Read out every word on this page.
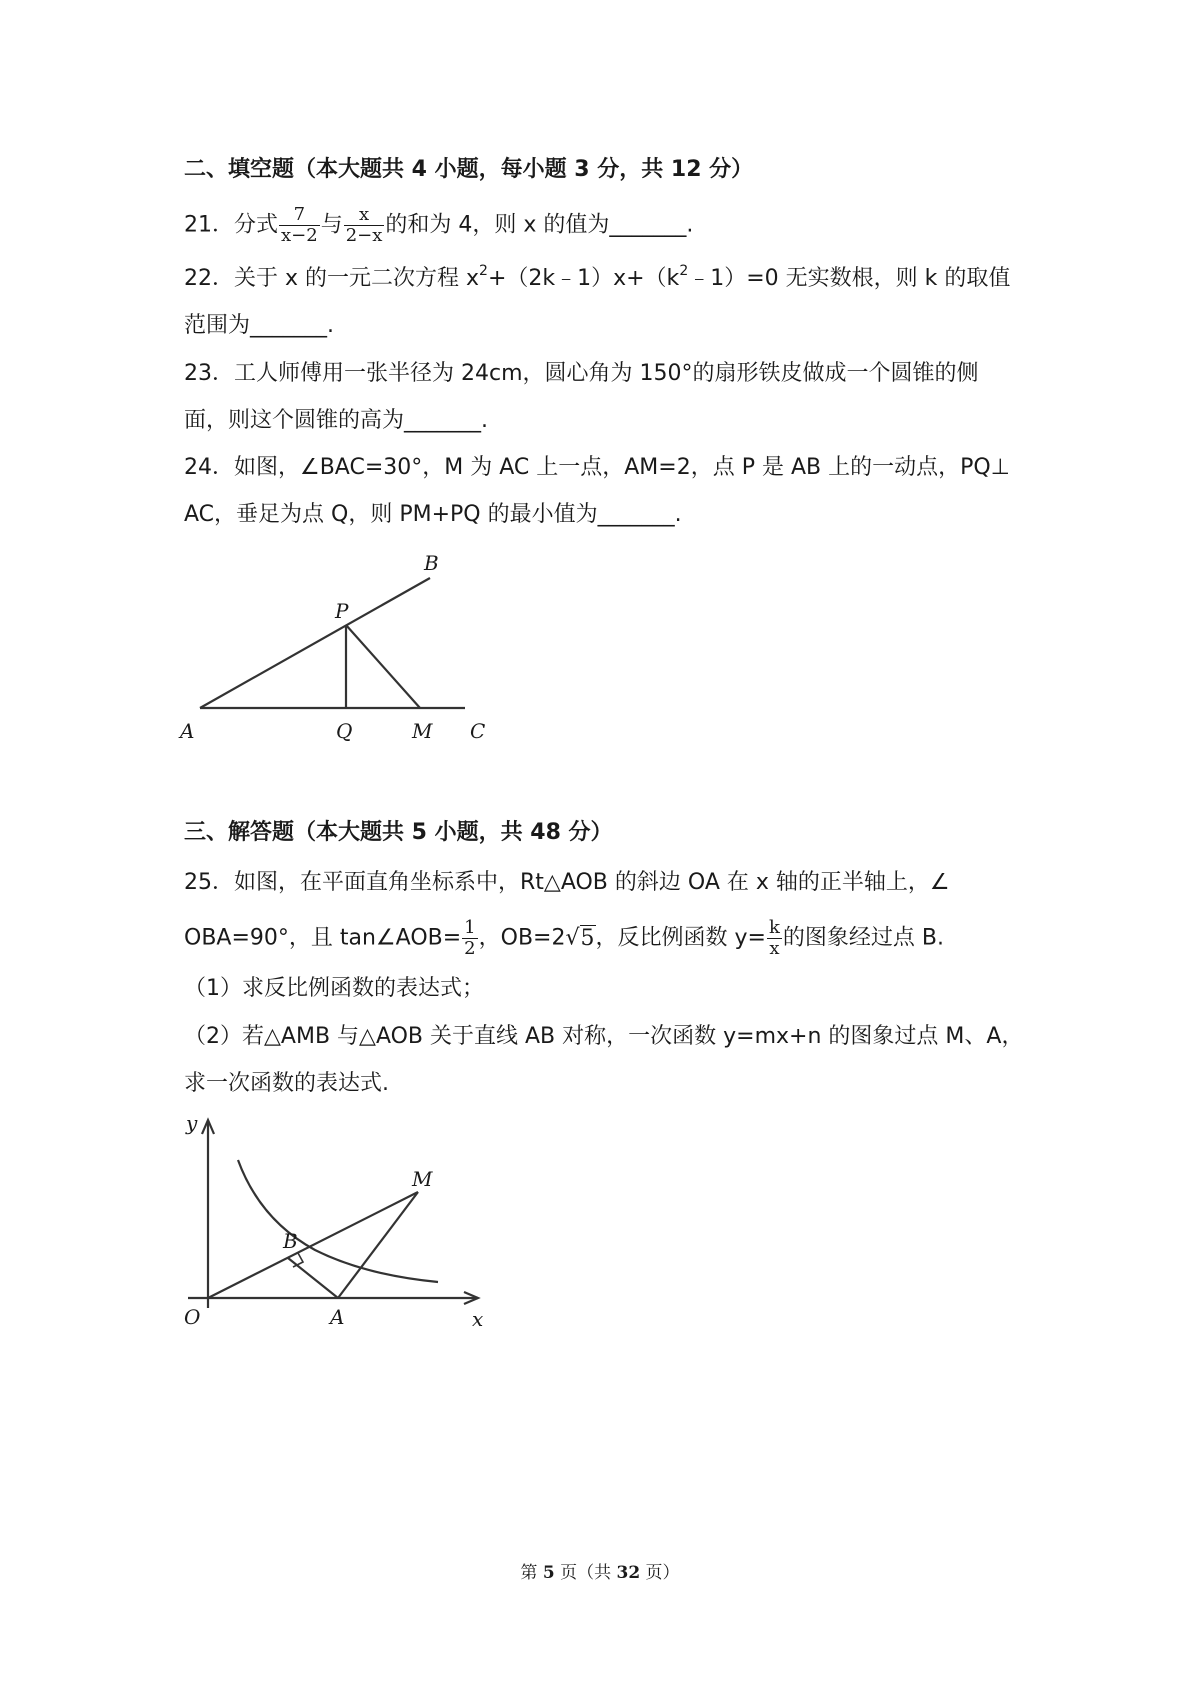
二、填空题（本大题共 4 小题，每小题 3 分，共 12 分）
21．分式 $\frac{7}{x-2}$ 与 $\frac{x}{2-x}$ 的和为 4，则 x 的值为_______.
22．关于 x 的一元二次方程 $x^2+(2k﹣1)x+(k^2﹣1)=0$ 无实数根，则 k 的取值
范围为_______.
23．工人师傅用一张半径为 24cm，圆心角为 150°的扇形铁皮做成一个圆锥的侧
面，则这个圆锥的高为_______.
24．如图，∠BAC=30°，M 为 AC 上一点，AM=2，点 P 是 AB 上的一动点，PQ⊥
AC，垂足为点 Q，则 PM+PQ 的最小值为_______.
A
B
P
Q	M C
三、解答题（本大题共 5 小题，共 48 分）
25．如图，在平面直角坐标系中，Rt△AOB 的斜边 OA 在 x 轴的正半轴上，∠
OBA=90°，且 tan∠AOB= $\frac{1}{2}$ ，OB=2√5，反比例函数 $y= \frac{k}{x}$ 的图象经过点 B.
（1）求反比例函数的表达式；
（2）若△AMB 与△AOB 关于直线 AB 对称，一次函数 y=mx+n 的图象过点 M、A，
求一次函数的表达式.
y
x
O	A
B
M
第 5 页（共 32 页）
